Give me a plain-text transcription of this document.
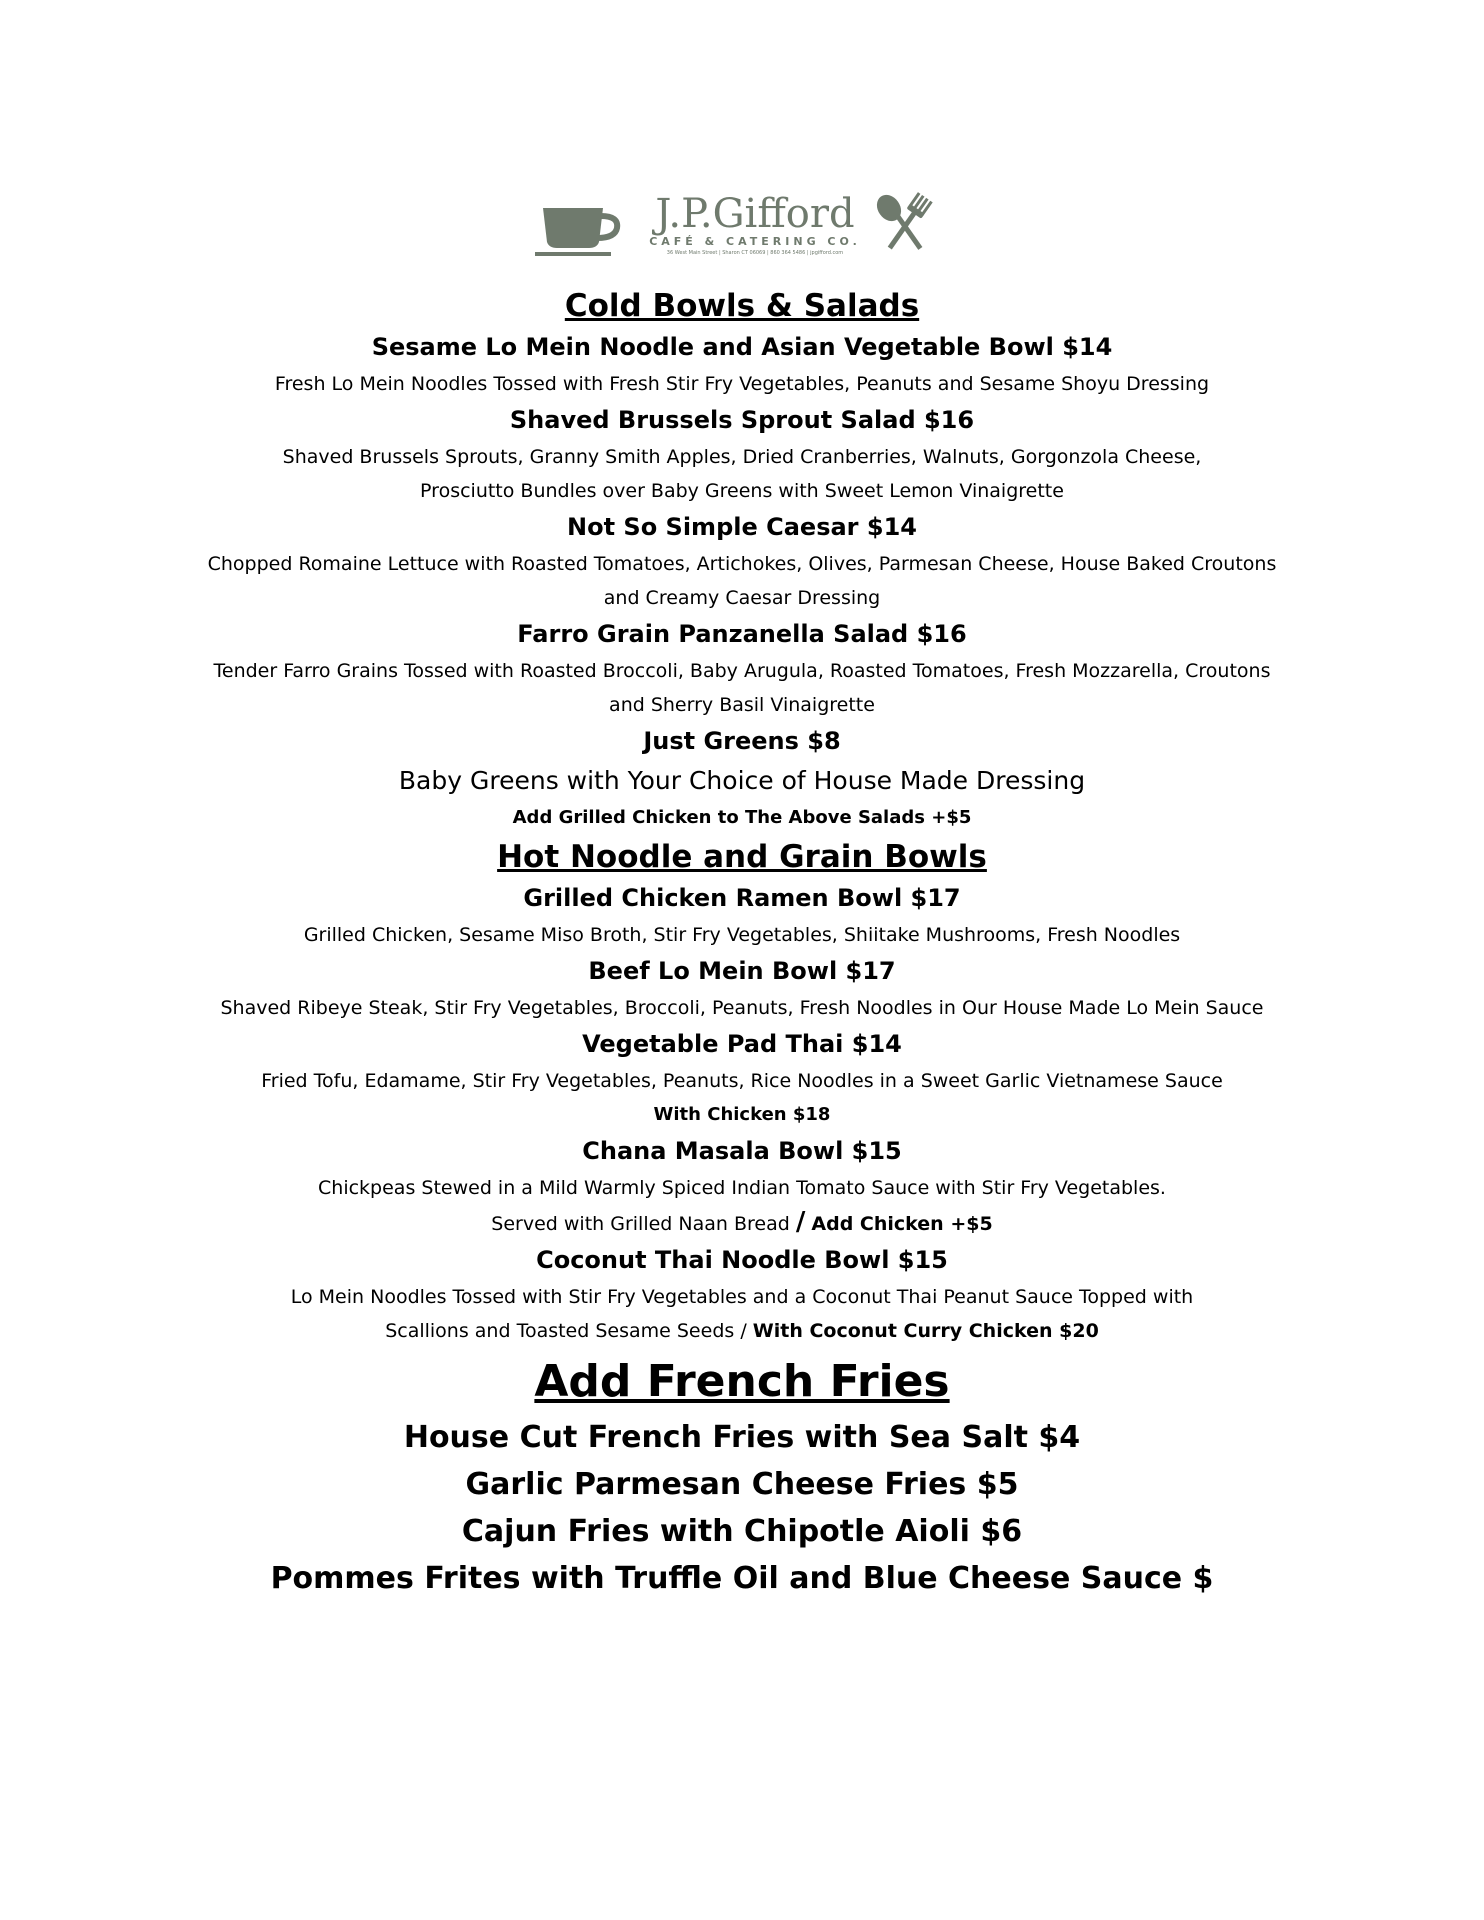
J.P.Gifford
CAFÉ & CATERING CO.
36 West Main Street | Sharon CT 06069 | 860 364 5486 | jpgifford.com
Cold Bowls & Salads
Sesame Lo Mein Noodle and Asian Vegetable Bowl $14
Fresh Lo Mein Noodles Tossed with Fresh Stir Fry Vegetables, Peanuts and Sesame Shoyu Dressing
Shaved Brussels Sprout Salad $16
Shaved Brussels Sprouts, Granny Smith Apples, Dried Cranberries, Walnuts, Gorgonzola Cheese,
Prosciutto Bundles over Baby Greens with Sweet Lemon Vinaigrette
Not So Simple Caesar $14
Chopped Romaine Lettuce with Roasted Tomatoes, Artichokes, Olives, Parmesan Cheese, House Baked Croutons
and Creamy Caesar Dressing
Farro Grain Panzanella Salad $16
Tender Farro Grains Tossed with Roasted Broccoli, Baby Arugula, Roasted Tomatoes, Fresh Mozzarella, Croutons
and Sherry Basil Vinaigrette
Just Greens $8
Baby Greens with Your Choice of House Made Dressing
Add Grilled Chicken to The Above Salads +$5
Hot Noodle and Grain Bowls
Grilled Chicken Ramen Bowl $17
Grilled Chicken, Sesame Miso Broth, Stir Fry Vegetables, Shiitake Mushrooms, Fresh Noodles
Beef Lo Mein Bowl $17
Shaved Ribeye Steak, Stir Fry Vegetables, Broccoli, Peanuts, Fresh Noodles in Our House Made Lo Mein Sauce
Vegetable Pad Thai $14
Fried Tofu, Edamame, Stir Fry Vegetables, Peanuts, Rice Noodles in a Sweet Garlic Vietnamese Sauce
With Chicken $18
Chana Masala Bowl $15
Chickpeas Stewed in a Mild Warmly Spiced Indian Tomato Sauce with Stir Fry Vegetables.
Served with Grilled Naan Bread / Add Chicken +$5
Coconut Thai Noodle Bowl $15
Lo Mein Noodles Tossed with Stir Fry Vegetables and a Coconut Thai Peanut Sauce Topped with
Scallions and Toasted Sesame Seeds / With Coconut Curry Chicken $20
Add French Fries
House Cut French Fries with Sea Salt $4
Garlic Parmesan Cheese Fries $5
Cajun Fries with Chipotle Aioli $6
Pommes Frites with Truffle Oil and Blue Cheese Sauce $
